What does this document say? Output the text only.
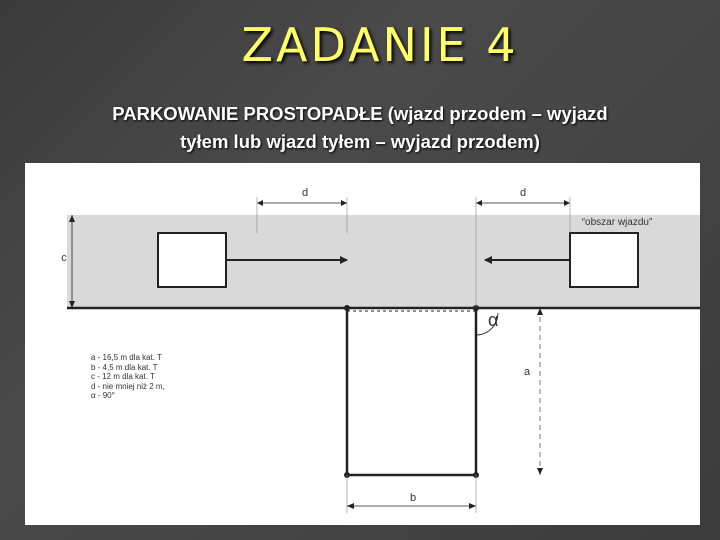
ZADANIE 4
PARKOWANIE PROSTOPADŁE (wjazd przodem – wyjazd
tyłem lub wjazd tyłem – wyjazd przodem)
d	d
c
“obszar wjazdu”
α
a
b
a - 16,5 m dla kat. T
b - 4,5 m dla kat. T
c - 12 m dla kat. T
d - nie mniej niż 2 m,
α - 90°
